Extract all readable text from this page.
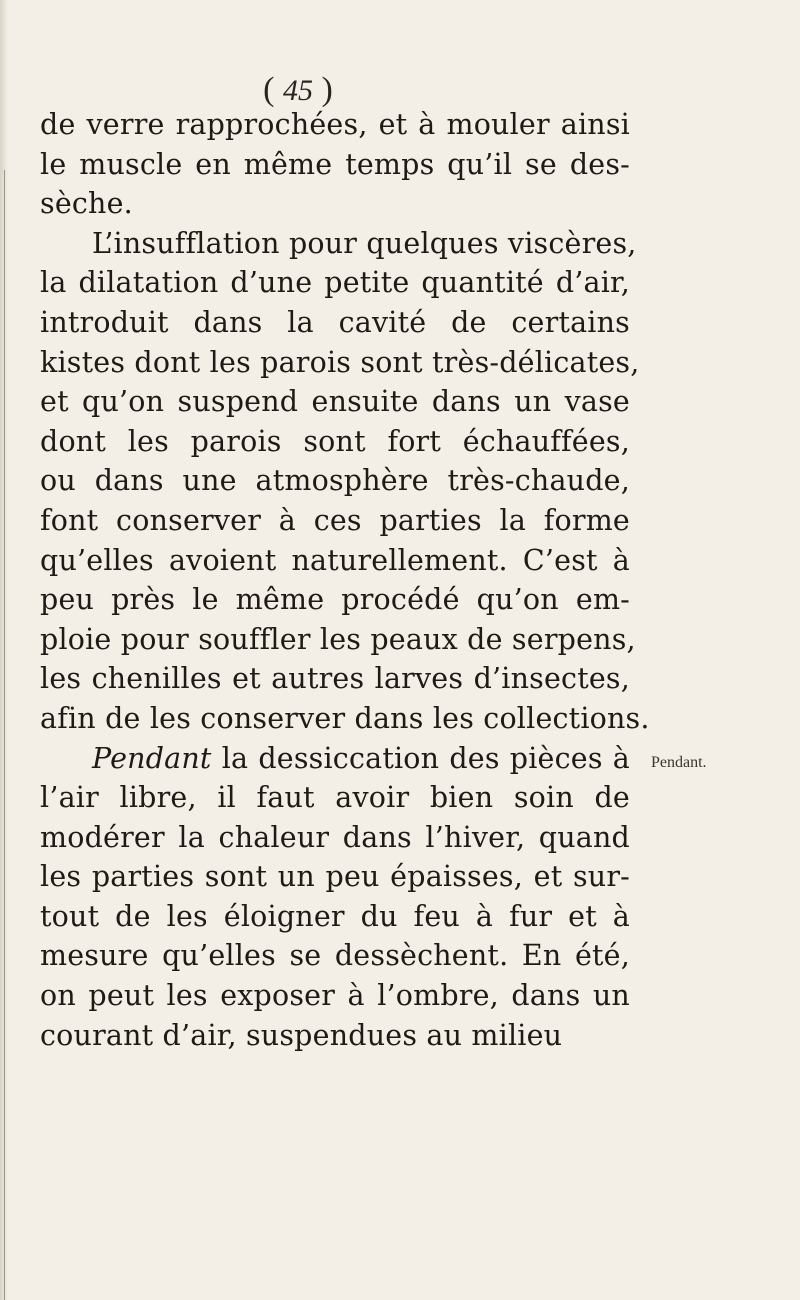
( 45 )
de verre rapprochées, et à mouler ainsi
le muscle en même temps qu’il se des-
sèche.
L’insufflation pour quelques viscères,
la dilatation d’une petite quantité d’air,
introduit dans la cavité de certains
kistes dont les parois sont très-délicates,
et qu’on suspend ensuite dans un vase
dont les parois sont fort échauffées,
ou dans une atmosphère très-chaude,
font conserver à ces parties la forme
qu’elles avoient naturellement. C’est à
peu près le même procédé qu’on em-
ploie pour souffler les peaux de serpens,
les chenilles et autres larves d’insectes,
afin de les conserver dans les collections.
Pendant la dessiccation des pièces à
l’air libre, il faut avoir bien soin de
modérer la chaleur dans l’hiver, quand
les parties sont un peu épaisses, et sur-
tout de les éloigner du feu à fur et à
mesure qu’elles se dessèchent. En été,
on peut les exposer à l’ombre, dans un
courant d’air, suspendues au milieu
Pendant.
